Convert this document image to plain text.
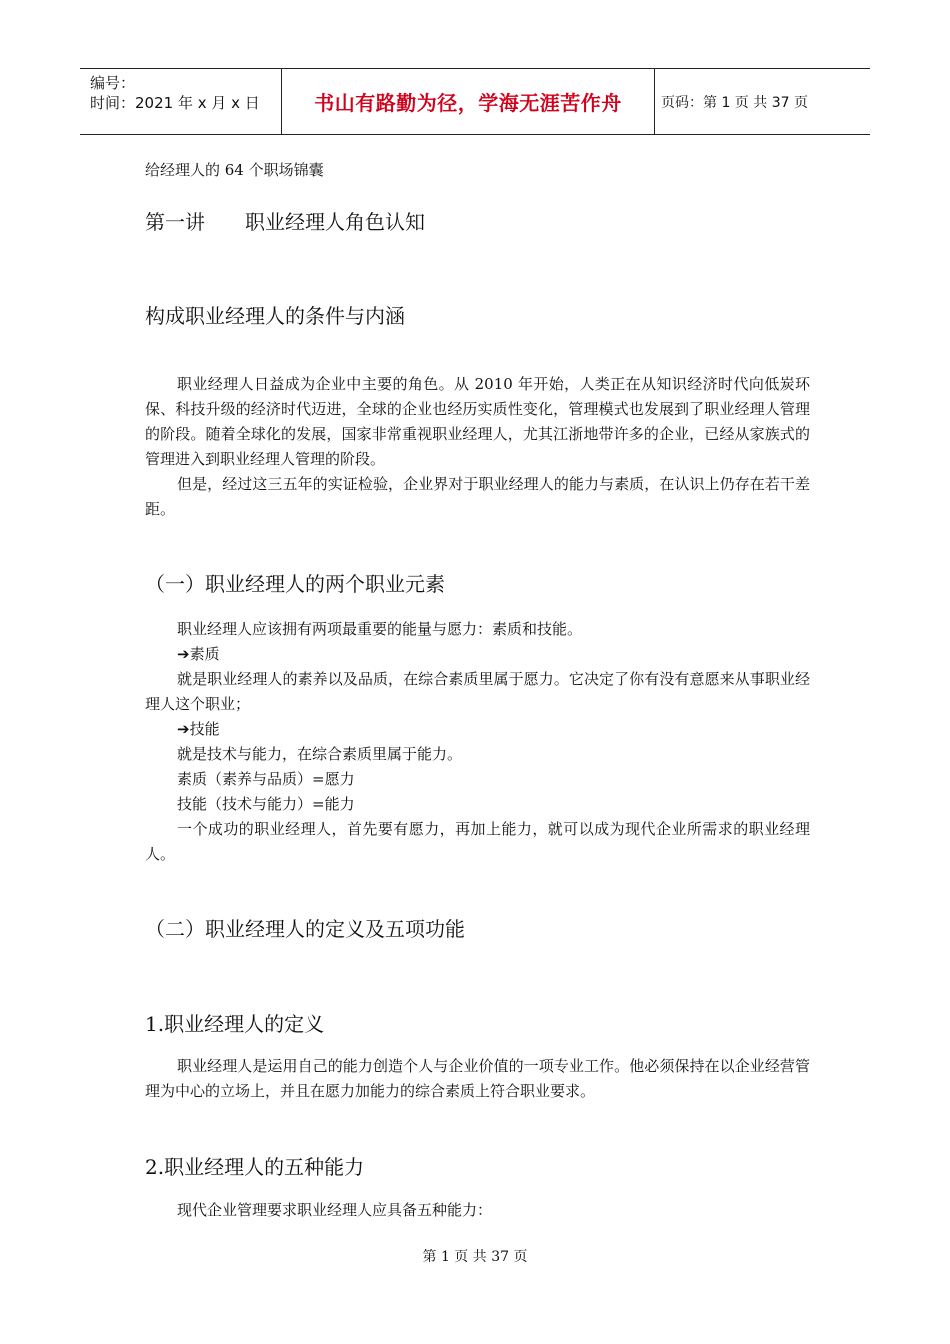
编号：
时间：2021 年 x 月 x 日	书山有路勤为径，学海无涯苦作舟	页码：第 1 页 共 37 页
给经理人的 64 个职场锦囊
第一讲 职业经理人角色认知
构成职业经理人的条件与内涵

职业经理人日益成为企业中主要的角色。从 2010 年开始，人类正在从知识经济时代向低炭环保、科技升级的经济时代迈进，全球的企业也经历实质性变化，管理模式也发展到了职业经理人管理的阶段。随着全球化的发展，国家非常重视职业经理人，尤其江浙地带许多的企业，已经从家族式的管理进入到职业经理人管理的阶段。

但是，经过这三五年的实证检验，企业界对于职业经理人的能力与素质，在认识上仍存在若干差距。

（一）职业经理人的两个职业元素

职业经理人应该拥有两项最重要的能量与愿力：素质和技能。

➔素质

就是职业经理人的素养以及品质，在综合素质里属于愿力。它决定了你有没有意愿来从事职业经理人这个职业；

➔技能

就是技术与能力，在综合素质里属于能力。

素质（素养与品质）=愿力

技能（技术与能力）=能力

一个成功的职业经理人，首先要有愿力，再加上能力，就可以成为现代企业所需求的职业经理人。

（二）职业经理人的定义及五项功能
1.职业经理人的定义

职业经理人是运用自己的能力创造个人与企业价值的一项专业工作。他必须保持在以企业经营管理为中心的立场上，并且在愿力加能力的综合素质上符合职业要求。

2.职业经理人的五种能力

现代企业管理要求职业经理人应具备五种能力：

第 1 页 共 37 页
